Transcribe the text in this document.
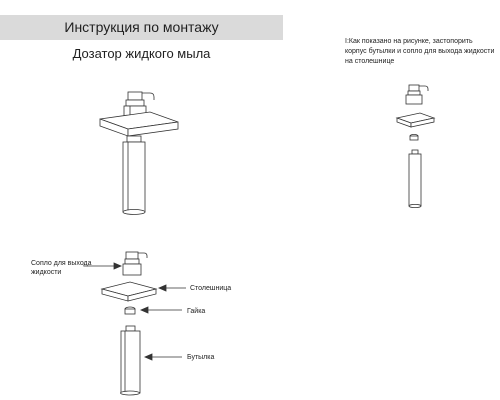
Инструкция по монтажу
Дозатор жидкого мыла
I:Как показано на рисунке, застопорить корпус бутылки и сопло для выхода жидкости на столешнице
Сопло для выхода жидкости
Столешница
Гайка
Бутылка
